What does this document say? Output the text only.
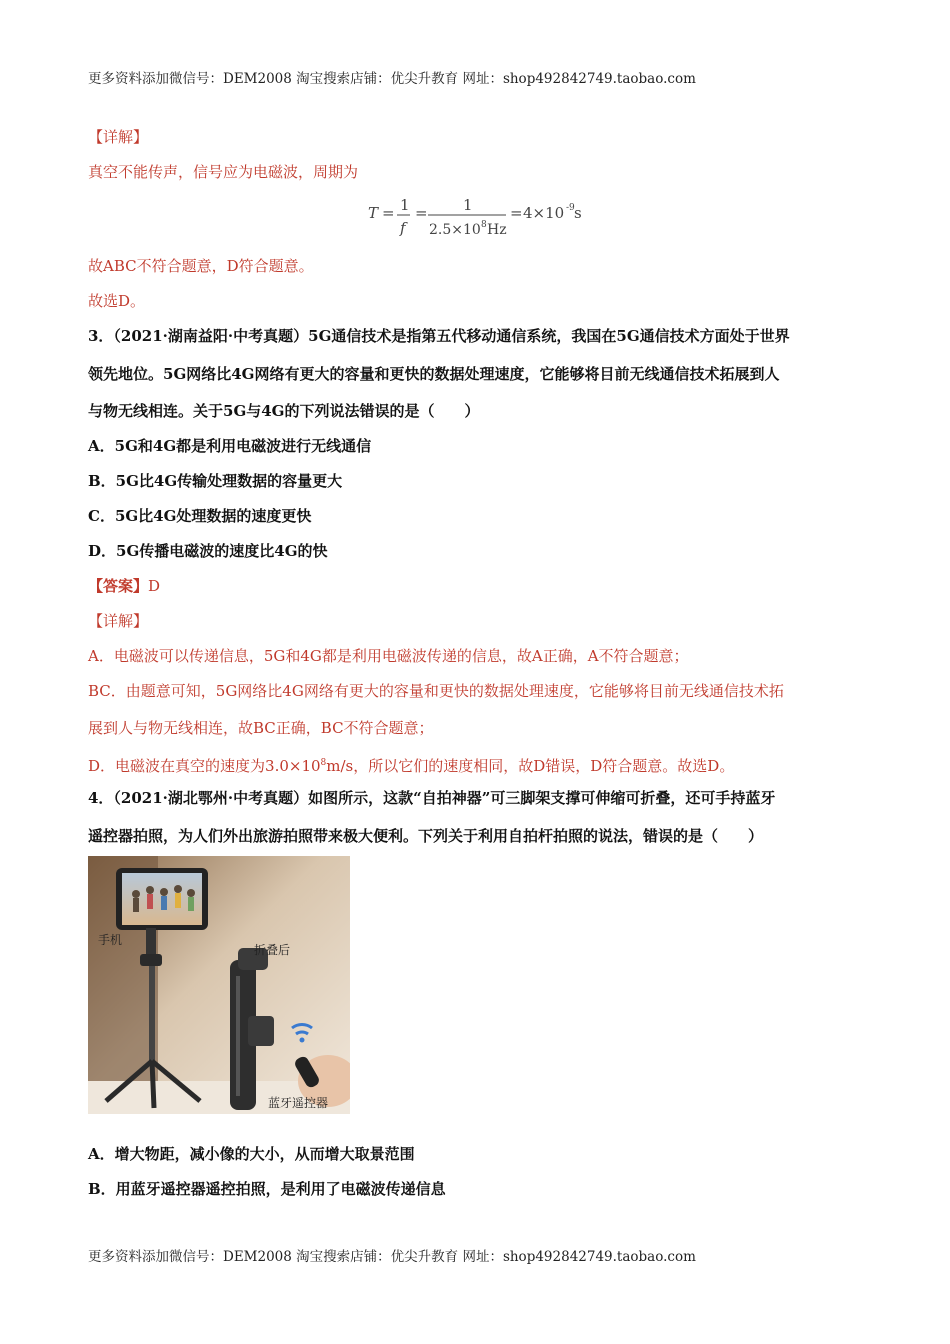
更多资料添加微信号：DEM2008 淘宝搜索店铺：优尖升教育 网址：shop492842749.taobao.com
【详解】
真空不能传声，信号应为电磁波，周期为
T = 1
f
= 1
2.5×10 8 Hz
= 4×10 -9 s
故ABC不符合题意，D符合题意。
故选D。
3．（2021·湖南益阳·中考真题）5G通信技术是指第五代移动通信系统，我国在5G通信技术方面处于世界
领先地位。5G网络比4G网络有更大的容量和更快的数据处理速度，它能够将目前无线通信技术拓展到人
与物无线相连。关于5G与4G的下列说法错误的是（　　）
A．5G和4G都是利用电磁波进行无线通信
B．5G比4G传输处理数据的容量更大
C．5G比4G处理数据的速度更快
D．5G传播电磁波的速度比4G的快
【答案】D
【详解】
A．电磁波可以传递信息，5G和4G都是利用电磁波传递的信息，故A正确，A不符合题意；
BC．由题意可知，5G网络比4G网络有更大的容量和更快的数据处理速度，它能够将目前无线通信技术拓
展到人与物无线相连，故BC正确，BC不符合题意；
D．电磁波在真空的速度为$3.0\times 10^8m/s$，所以它们的速度相同，故D错误，D符合题意。故选D。
4．（2021·湖北鄂州·中考真题）如图所示，这款“自拍神器”可三脚架支撑可伸缩可折叠，还可手持蓝牙
遥控器拍照，为人们外出旅游拍照带来极大便利。下列关于利用自拍杆拍照的说法，错误的是（　　）
手机
折叠后
蓝牙遥控器
A．增大物距，减小像的大小，从而增大取景范围
B．用蓝牙遥控器遥控拍照，是利用了电磁波传递信息
更多资料添加微信号：DEM2008 淘宝搜索店铺：优尖升教育 网址：shop492842749.taobao.com
